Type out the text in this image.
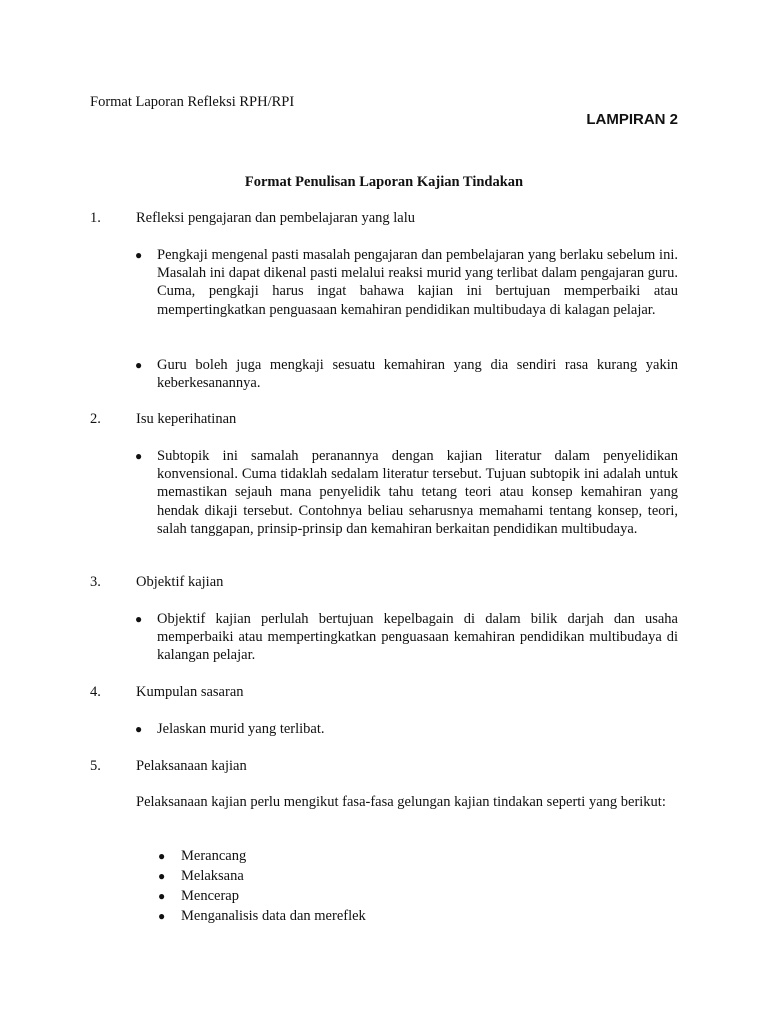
Format Laporan Refleksi RPH/RPI
LAMPIRAN 2
Format Penulisan Laporan Kajian Tindakan
1. Refleksi pengajaran dan pembelajaran yang lalu
●	Pengkaji mengenal pasti masalah pengajaran dan pembelajaran yang berlaku sebelum ini. Masalah ini dapat dikenal pasti melalui reaksi murid yang terlibat dalam pengajaran guru. Cuma, pengkaji harus ingat bahawa kajian ini bertujuan memperbaiki atau mempertingkatkan penguasaan kemahiran pendidikan multibudaya di kalagan pelajar.
●	Guru boleh juga mengkaji sesuatu kemahiran yang dia sendiri rasa kurang yakin keberkesanannya.
2. Isu keperihatinan
●	Subtopik ini samalah peranannya dengan kajian literatur dalam penyelidikan konvensional. Cuma tidaklah sedalam literatur tersebut. Tujuan subtopik ini adalah untuk memastikan sejauh mana penyelidik tahu tetang teori atau konsep kemahiran yang hendak dikaji tersebut. Contohnya beliau seharusnya memahami tentang konsep, teori, salah tanggapan, prinsip-prinsip dan kemahiran berkaitan pendidikan multibudaya.
3. Objektif kajian
●	Objektif kajian perlulah bertujuan kepelbagain di dalam bilik darjah dan usaha memperbaiki atau mempertingkatkan penguasaan kemahiran pendidikan multibudaya di kalangan pelajar.
4. Kumpulan sasaran
●	Jelaskan murid yang terlibat.
5. Pelaksanaan kajian
Pelaksanaan kajian perlu mengikut fasa-fasa gelungan kajian tindakan seperti yang berikut:
● Merancang
● Melaksana
● Mencerap
● Menganalisis data dan mereflek
